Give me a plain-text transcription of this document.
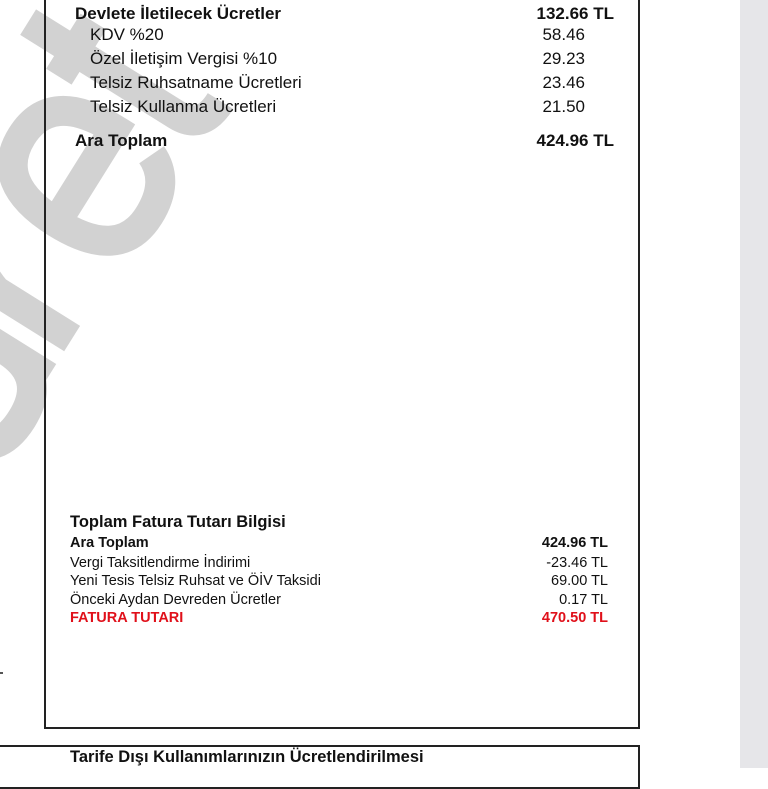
Devlete İletilecek Ücretler	132.66 TL
KDV %20	58.46
Özel İletişim Vergisi %10	29.23
Telsiz Ruhsatname Ücretleri	23.46
Telsiz Kullanma Ücretleri	21.50
Ara Toplam	424.96 TL
Toplam Fatura Tutarı Bilgisi
Ara Toplam	424.96 TL
Vergi Taksitlendirme İndirimi	-23.46 TL
Yeni Tesis Telsiz Ruhsat ve ÖİV Taksidi	69.00 TL
Önceki Aydan Devreden Ücretler	0.17 TL
FATURA TUTARI	470.50 TL
Tarife Dışı Kullanımlarınızın Ücretlendirilmesi
